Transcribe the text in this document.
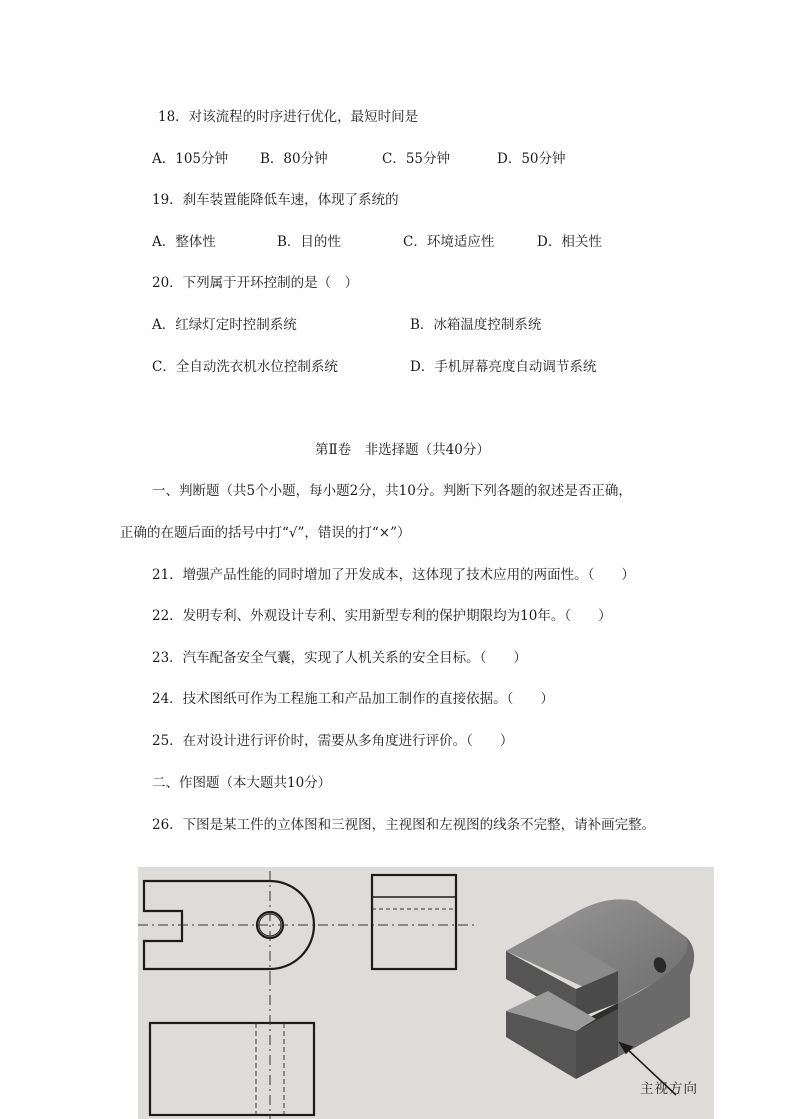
18．对该流程的时序进行优化，最短时间是
A．105分钟 B．80分钟	C．55分钟	D．50分钟
19．刹车装置能降低车速，体现了系统的
A．整体性	B．目的性	C．环境适应性	D．相关性
20．下列属于开环控制的是（　）
A．红绿灯定时控制系统	B．冰箱温度控制系统
C．全自动洗衣机水位控制系统	D．手机屏幕亮度自动调节系统
第Ⅱ卷　非选择题（共40分）
一、判断题（共5个小题，每小题2分，共10分。判断下列各题的叙述是否正确，
正确的在题后面的括号中打“√”，错误的打“×”）
21．增强产品性能的同时增加了开发成本，这体现了技术应用的两面性。（　　）
22．发明专利、外观设计专利、实用新型专利的保护期限均为10年。（　　）
23．汽车配备安全气囊，实现了人机关系的安全目标。（　　）
24．技术图纸可作为工程施工和产品加工制作的直接依据。（　　）
25．在对设计进行评价时，需要从多角度进行评价。（　　）
二、作图题（本大题共10分）
26．下图是某工件的立体图和三视图，主视图和左视图的线条不完整，请补画完整。
主视方向
